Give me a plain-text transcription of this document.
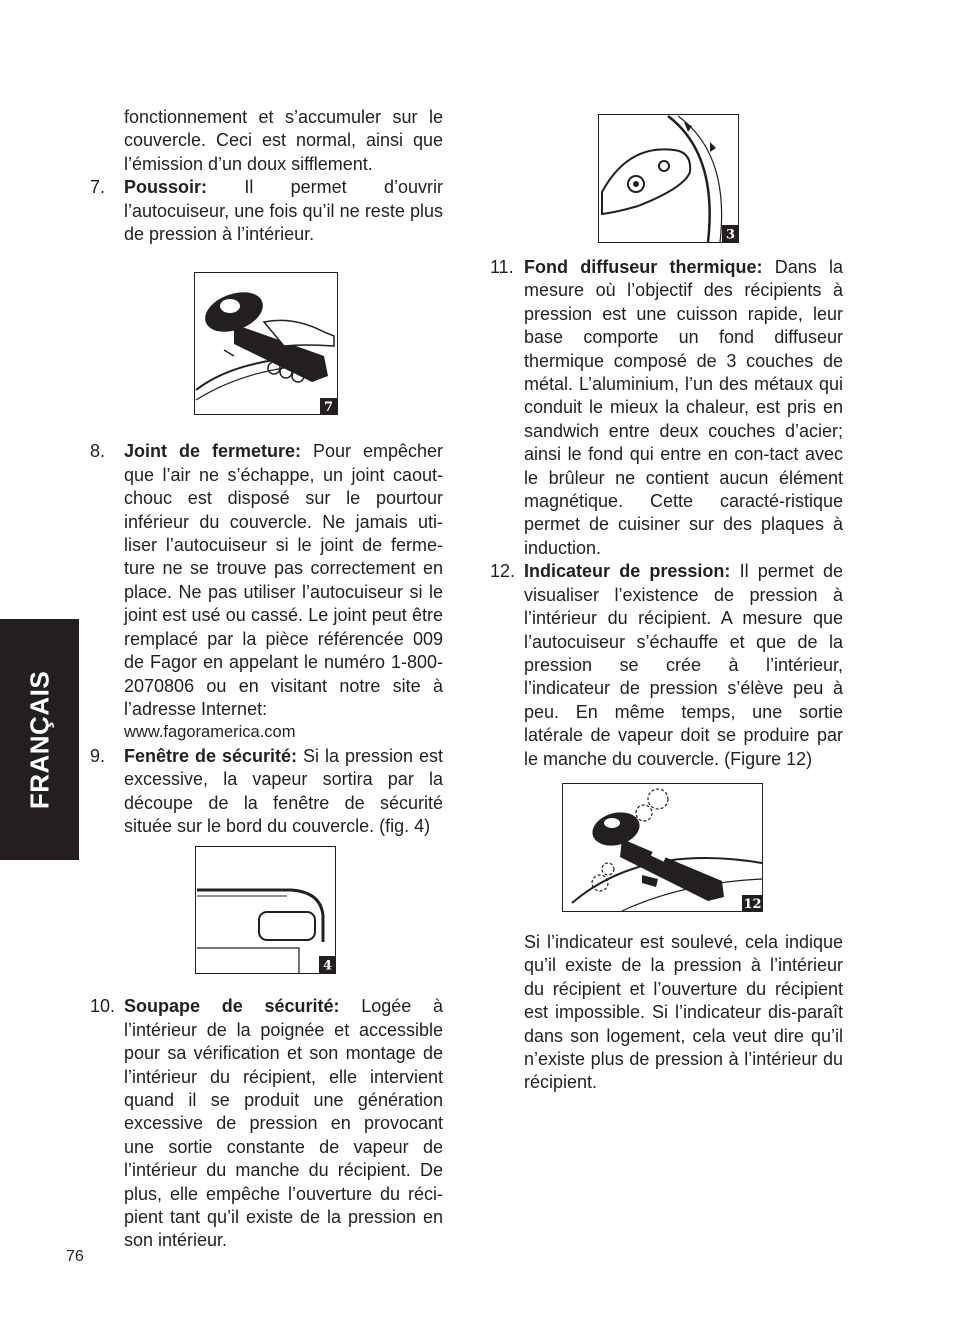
FRANÇAIS

fonctionnement et s’accumuler sur le couvercle. Ceci est normal, ainsi que l’émission d’un doux sifflement.

7. Poussoir: Il permet d’ouvrir l’autocuiseur, une fois qu’il ne reste plus de pression à l’intérieur.

7

8. Joint de fermeture: Pour empêcher que l’air ne s’échappe, un joint caout-chouc est disposé sur le pourtour inférieur du couvercle. Ne jamais uti-liser l’autocuiseur si le joint de ferme-ture ne se trouve pas correctement en place. Ne pas utiliser l’autocuiseur si le joint est usé ou cassé. Le joint peut être remplacé par la pièce référencée 009 de Fagor en appelant le numéro 1-800-2070806 ou en visitant notre site à l’adresse Internet:
www.fagoramerica.com

9. Fenêtre de sécurité: Si la pression est excessive, la vapeur sortira par la découpe de la fenêtre de sécurité située sur le bord du couvercle. (fig. 4)

4

10. Soupape de sécurité: Logée à l’intérieur de la poignée et accessible pour sa vérification et son montage de l’intérieur du récipient, elle intervient quand il se produit une génération excessive de pression en provocant une sortie constante de vapeur de l’intérieur du manche du récipient. De plus, elle empêche l’ouverture du réci-pient tant qu’il existe de la pression en son intérieur.

3

11. Fond diffuseur thermique: Dans la mesure où l’objectif des récipients à pression est une cuisson rapide, leur base comporte un fond diffuseur thermique composé de 3 couches de métal. L’aluminium, l’un des métaux qui conduit le mieux la chaleur, est pris en sandwich entre deux couches d’acier; ainsi le fond qui entre en con-tact avec le brûleur ne contient aucun élément magnétique. Cette caracté-ristique permet de cuisiner sur des plaques à induction.

12. Indicateur de pression: Il permet de visualiser l’existence de pression à l’intérieur du récipient. A mesure que l’autocuiseur s’échauffe et que de la pression se crée à l’intérieur, l’indicateur de pression s’élève peu à peu. En même temps, une sortie latérale de vapeur doit se produire par le manche du couvercle. (Figure 12)

12

Si l’indicateur est soulevé, cela indique qu’il existe de la pression à l’intérieur du récipient et l’ouverture du récipient est impossible. Si l’indicateur dis-paraît dans son logement, cela veut dire qu’il n’existe plus de pression à l’intérieur du récipient.

76
